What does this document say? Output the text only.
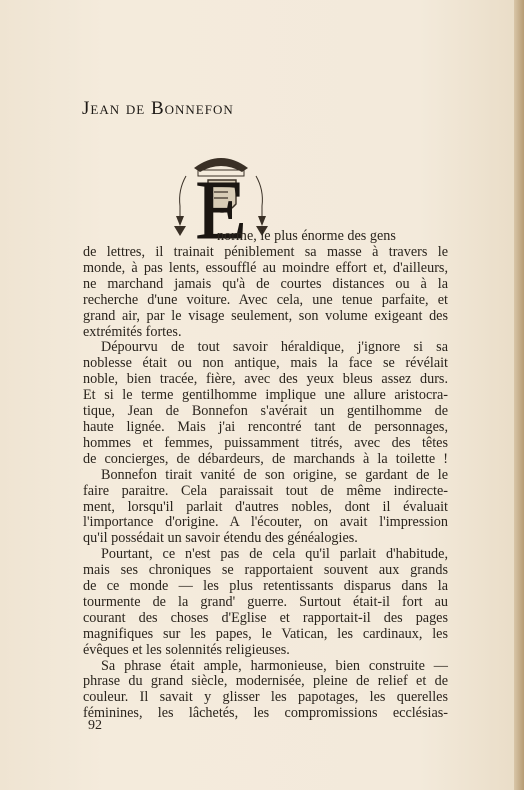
Jean de Bonnefon
E
norme, le plus énorme des gens
de lettres, il trainait péniblement sa masse à travers le
monde, à pas lents, essoufflé au moindre effort et, d'ailleurs,
ne marchand jamais qu'à de courtes distances ou à la
recherche d'une voiture. Avec cela, une tenue parfaite, et
grand air, par le visage seulement, son volume exigeant des
extrémités fortes.
Dépourvu de tout savoir héraldique, j'ignore si sa
noblesse était ou non antique, mais la face se révélait
noble, bien tracée, fière, avec des yeux bleus assez durs.
Et si le terme gentilhomme implique une allure aristocra-
tique, Jean de Bonnefon s'avérait un gentilhomme de
haute lignée. Mais j'ai rencontré tant de personnages,
hommes et femmes, puissamment titrés, avec des têtes
de concierges, de débardeurs, de marchands à la toilette !
Bonnefon tirait vanité de son origine, se gardant de le
faire paraitre. Cela paraissait tout de même indirecte-
ment, lorsqu'il parlait d'autres nobles, dont il évaluait
l'importance d'origine. A l'écouter, on avait l'impression
qu'il possédait un savoir étendu des généalogies.
Pourtant, ce n'est pas de cela qu'il parlait d'habitude,
mais ses chroniques se rapportaient souvent aux grands
de ce monde — les plus retentissants disparus dans la
tourmente de la grand' guerre. Surtout était-il fort au
courant des choses d'Eglise et rapportait-il des pages
magnifiques sur les papes, le Vatican, les cardinaux, les
évêques et les solennités religieuses.
Sa phrase était ample, harmonieuse, bien construite —
phrase du grand siècle, modernisée, pleine de relief et de
couleur. Il savait y glisser les papotages, les querelles
féminines, les lâchetés, les compromissions ecclésias-
92
